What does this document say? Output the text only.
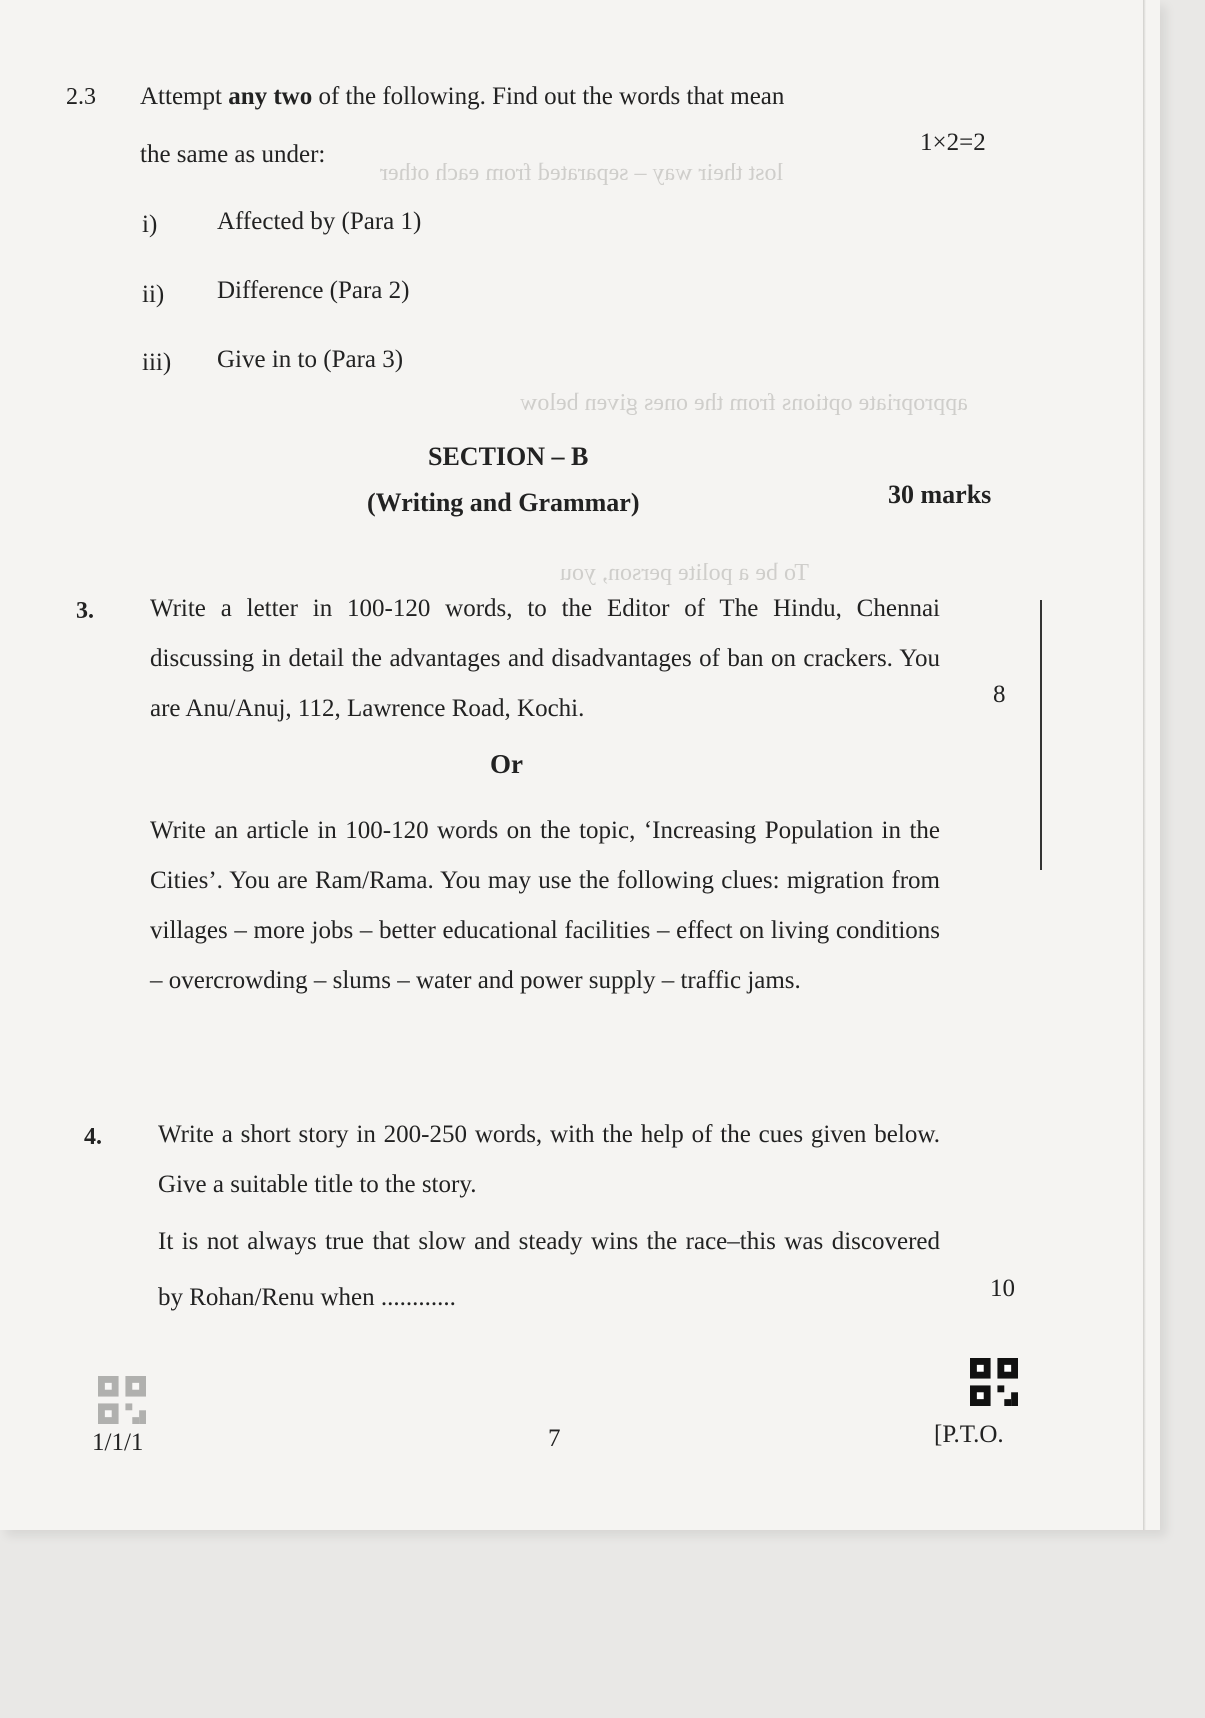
lost their way – separated from each other
appropriate options from the ones given below
To be a polite person, you
2.3 Attempt any two of the following. Find out the words that mean
the same as under:	1×2=2
i) Affected by (Para 1)
ii) Difference (Para 2)
iii) Give in to (Para 3)
SECTION – B
(Writing and Grammar)	30 marks
3. Write a letter in 100-120 words, to the Editor of The Hindu, Chennai discussing in detail the advantages and disadvantages of ban on crackers. You are Anu/Anuj, 112, Lawrence Road, Kochi.

8
Or

Write an article in 100-120 words on the topic, ‘Increasing Population in the Cities’. You are Ram/Rama. You may use the following clues: migration from villages – more jobs – better educational facilities – effect on living conditions – overcrowding – slums – water and power supply – traffic jams.

4. Write a short story in 200-250 words, with the help of the cues given below. Give a suitable title to the story.

It is not always true that slow and steady wins the race–this was discovered by Rohan/Renu when ............	10
1/1/1	7	[P.T.O.
